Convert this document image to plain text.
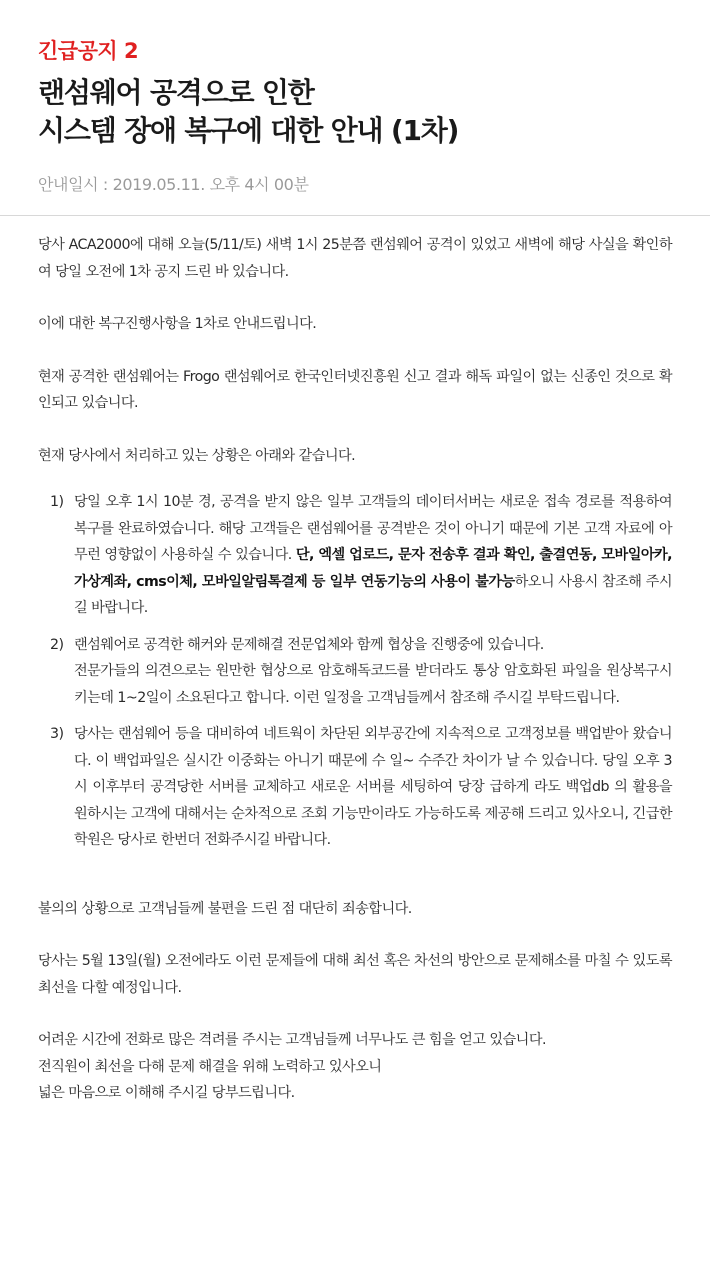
긴급공지 2
랜섬웨어 공격으로 인한
시스템 장애 복구에 대한 안내 (1차)
안내일시 : 2019.05.11. 오후 4시 00분

당사 ACA2000에 대해 오늘(5/11/토) 새벽 1시 25분쯤 랜섬웨어 공격이 있었고 새벽에 해당 사실을 확인하여 당일 오전에 1차 공지 드린 바 있습니다.

이에 대한 복구진행사항을 1차로 안내드립니다.

현재 공격한 랜섬웨어는 Frogo 랜섬웨어로 한국인터넷진흥원 신고 결과 해독 파일이 없는 신종인 것으로 확인되고 있습니다.

현재 당사에서 처리하고 있는 상황은 아래와 같습니다.

1) 당일 오후 1시 10분 경, 공격을 받지 않은 일부 고객들의 데이터서버는 새로운 접속 경로를 적용하여 복구를 완료하였습니다. 해당 고객들은 랜섬웨어를 공격받은 것이 아니기 때문에 기본 고객 자료에 아무런 영향없이 사용하실 수 있습니다. 단, 엑셀 업로드, 문자 전송후 결과 확인, 출결연동, 모바일아카, 가상계좌, cms이체, 모바일알림톡결제 등 일부 연동기능의 사용이 불가능하오니 사용시 참조해 주시길 바랍니다.
2) 랜섬웨어로 공격한 해커와 문제해결 전문업체와 함께 협상을 진행중에 있습니다.
전문가들의 의견으로는 원만한 협상으로 암호해독코드를 받더라도 통상 암호화된 파일을 원상복구시키는데 1~2일이 소요된다고 합니다. 이런 일정을 고객님들께서 참조해 주시길 부탁드립니다.
3) 당사는 랜섬웨어 등을 대비하여 네트웍이 차단된 외부공간에 지속적으로 고객정보를 백업받아 왔습니다. 이 백업파일은 실시간 이중화는 아니기 때문에 수 일~ 수주간 차이가 날 수 있습니다. 당일 오후 3시 이후부터 공격당한 서버를 교체하고 새로운 서버를 세팅하여 당장 급하게 라도 백업db 의 활용을 원하시는 고객에 대해서는 순차적으로 조회 기능만이라도 가능하도록 제공해 드리고 있사오니, 긴급한 학원은 당사로 한번더 전화주시길 바랍니다.

불의의 상황으로 고객님들께 불편을 드린 점 대단히 죄송합니다.

당사는 5월 13일(월) 오전에라도 이런 문제들에 대해 최선 혹은 차선의 방안으로 문제해소를 마칠 수 있도록 최선을 다할 예정입니다.

어려운 시간에 전화로 많은 격려를 주시는 고객님들께 너무나도 큰 힘을 얻고 있습니다.
전직원이 최선을 다해 문제 해결을 위해 노력하고 있사오니
넓은 마음으로 이해해 주시길 당부드립니다.
